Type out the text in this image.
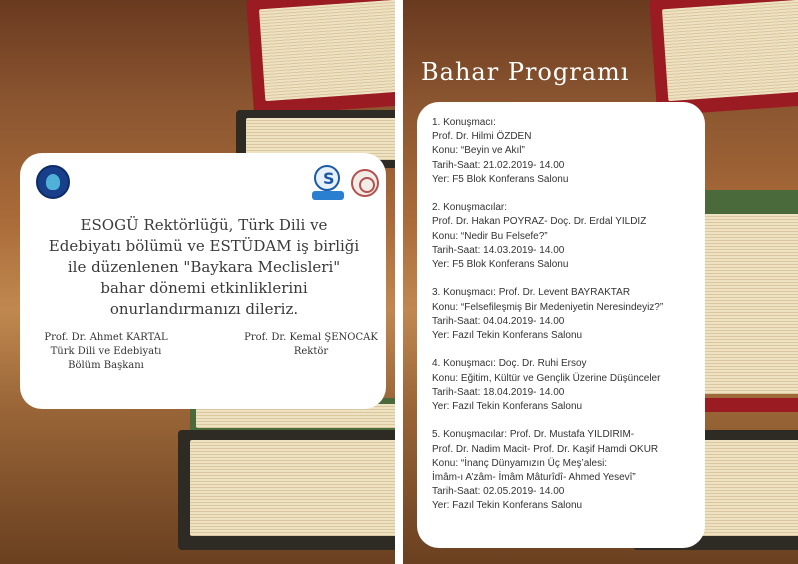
S
ESOGÜ Rektörlüğü, Türk Dili ve
Edebiyatı bölümü ve ESTÜDAM iş birliği
ile düzenlenen "Baykara Meclisleri"
bahar dönemi etkinliklerini
onurlandırmanızı dileriz.
Prof. Dr. Ahmet KARTAL
Türk Dili ve Edebiyatı
Bölüm Başkanı
Prof. Dr. Kemal ŞENOCAK
Rektör
Bahar Programı
1. Konuşmacı:
Prof. Dr. Hilmi ÖZDEN
Konu: “Beyin ve Akıl”
Tarih-Saat: 21.02.2019- 14.00
Yer: F5 Blok Konferans Salonu
2. Konuşmacılar:
Prof. Dr. Hakan POYRAZ- Doç. Dr. Erdal YILDIZ
Konu: “Nedir Bu Felsefe?”
Tarih-Saat: 14.03.2019- 14.00
Yer: F5 Blok Konferans Salonu
3. Konuşmacı: Prof. Dr. Levent BAYRAKTAR
Konu: “Felsefileşmiş Bir Medeniyetin Neresindeyiz?”
Tarih-Saat: 04.04.2019- 14.00
Yer: Fazıl Tekin Konferans Salonu
4. Konuşmacı: Doç. Dr. Ruhi Ersoy
Konu: Eğitim, Kültür ve Gençlik Üzerine Düşünceler
Tarih-Saat: 18.04.2019- 14.00
Yer: Fazıl Tekin Konferans Salonu
5. Konuşmacılar: Prof. Dr. Mustafa YILDIRIM-
Prof. Dr. Nadim Macit- Prof. Dr. Kaşif Hamdi OKUR
Konu: “İnanç Dünyamızın Üç Meş’alesi:
İmâm-ı A’zâm- İmâm Mâturîdî- Ahmed Yesevî”
Tarih-Saat: 02.05.2019- 14.00
Yer: Fazıl Tekin Konferans Salonu
